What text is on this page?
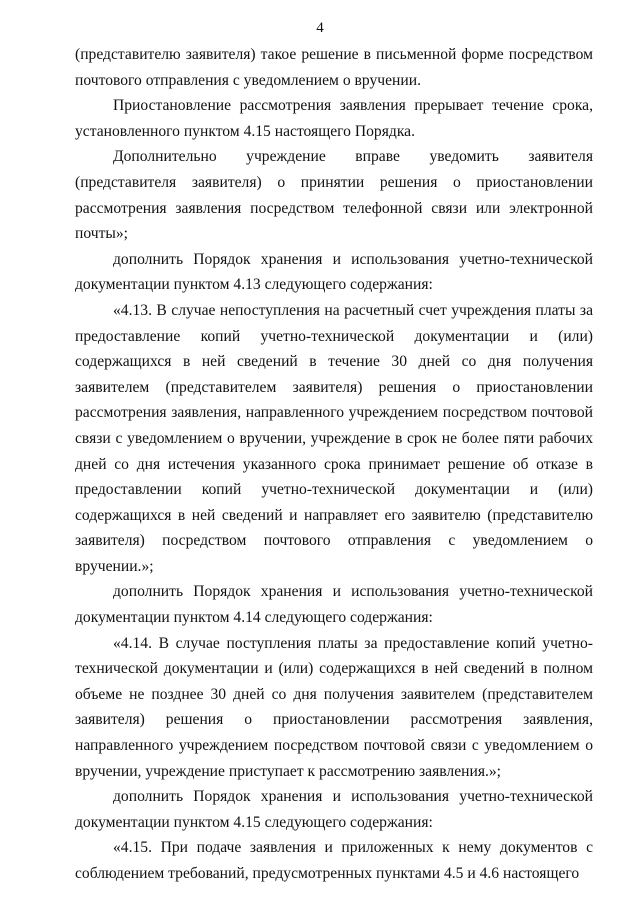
4

(представителю заявителя) такое решение в письменной форме посредством почтового отправления с уведомлением о вручении.

Приостановление рассмотрения заявления прерывает течение срока, установленного пунктом 4.15 настоящего Порядка.

Дополнительно учреждение вправе уведомить заявителя (представителя заявителя) о принятии решения о приостановлении рассмотрения заявления посредством телефонной связи или электронной почты»;

дополнить Порядок хранения и использования учетно-технической документации пунктом 4.13 следующего содержания:

«4.13. В случае непоступления на расчетный счет учреждения платы за предоставление копий учетно-технической документации и (или) содержащихся в ней сведений в течение 30 дней со дня получения заявителем (представителем заявителя) решения о приостановлении рассмотрения заявления, направленного учреждением посредством почтовой связи с уведомлением о вручении, учреждение в срок не более пяти рабочих дней со дня истечения указанного срока принимает решение об отказе в предоставлении копий учетно-технической документации и (или) содержащихся в ней сведений и направляет его заявителю (представителю заявителя) посредством почтового отправления с уведомлением о вручении.»;

дополнить Порядок хранения и использования учетно-технической документации пунктом 4.14 следующего содержания:

«4.14. В случае поступления платы за предоставление копий учетно-технической документации и (или) содержащихся в ней сведений в полном объеме не позднее 30 дней со дня получения заявителем (представителем заявителя) решения о приостановлении рассмотрения заявления, направленного учреждением посредством почтовой связи с уведомлением о вручении, учреждение приступает к рассмотрению заявления.»;

дополнить Порядок хранения и использования учетно-технической документации пунктом 4.15 следующего содержания:

«4.15. При подаче заявления и приложенных к нему документов с соблюдением требований, предусмотренных пунктами 4.5 и 4.6 настоящего
